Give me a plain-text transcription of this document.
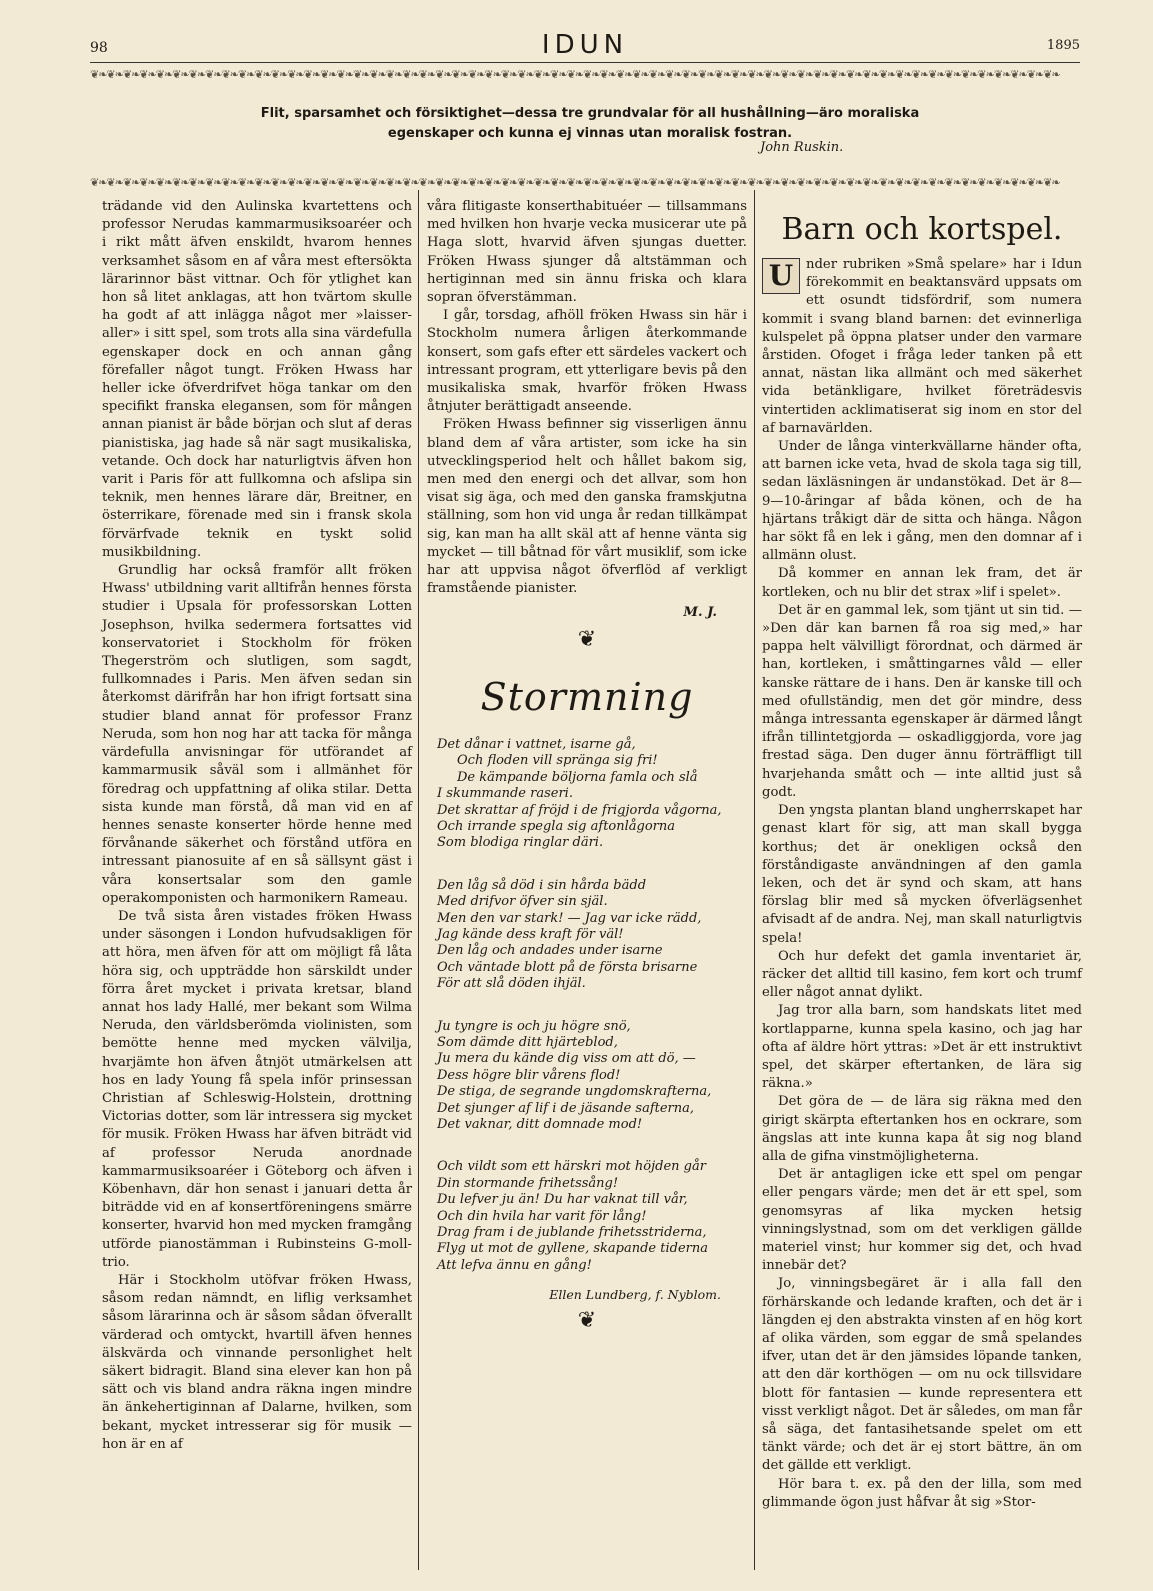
98	IDUN	1895
❦❧❦❧❦❧❦❧❦❧❦❧❦❧❦❧❦❧❦❧❦❧❦❧❦❧❦❧❦❧❦❧❦❧❦❧❦❧❦❧❦❧❦❧❦❧❦❧❦❧❦❧❦❧❦❧❦❧❦❧❦❧❦❧❦❧❦❧❦❧❦❧❦❧❦❧❦❧❦❧❦❧❦❧❦❧❦❧❦❧❦❧❦❧❦❧❦❧❦❧❦❧❦❧❦❧❦❧❦❧❦❧❦❧❦❧❦❧
Flit, sparsamhet och försiktighet—dessa tre grundvalar för all hushållning—äro moraliska egenskaper och kunna ej vinnas utan moralisk fostran.
John Ruskin.
❦❧❦❧❦❧❦❧❦❧❦❧❦❧❦❧❦❧❦❧❦❧❦❧❦❧❦❧❦❧❦❧❦❧❦❧❦❧❦❧❦❧❦❧❦❧❦❧❦❧❦❧❦❧❦❧❦❧❦❧❦❧❦❧❦❧❦❧❦❧❦❧❦❧❦❧❦❧❦❧❦❧❦❧❦❧❦❧❦❧❦❧❦❧❦❧❦❧❦❧❦❧❦❧❦❧❦❧❦❧❦❧❦❧❦❧❦❧

trädande vid den Aulinska kvartettens och professor Nerudas kammarmusiksoaréer och i rikt mått äfven enskildt, hvarom hennes verksamhet såsom en af våra mest eftersökta lärarinnor bäst vittnar. Och för ytlighet kan hon så litet anklagas, att hon tvärtom skulle ha godt af att inlägga något mer »laisser-aller» i sitt spel, som trots alla sina värdefulla egenskaper dock en och annan gång förefaller något tungt. Fröken Hwass har heller icke öfverdrifvet höga tankar om den specifikt franska elegansen, som för mången annan pianist är både början och slut af deras pianistiska, jag hade så när sagt musikaliska, vetande. Och dock har naturligtvis äfven hon varit i Paris för att fullkomna och afslipa sin teknik, men hennes lärare där, Breitner, en österrikare, förenade med sin i fransk skola förvärfvade teknik en tyskt solid musikbildning.

Grundlig har också framför allt fröken Hwass' utbildning varit alltifrån hennes första studier i Upsala för professorskan Lotten Josephson, hvilka sedermera fortsattes vid konservatoriet i Stockholm för fröken Thegerström och slutligen, som sagdt, fullkomnades i Paris. Men äfven sedan sin återkomst därifrån har hon ifrigt fortsatt sina studier bland annat för professor Franz Neruda, som hon nog har att tacka för många värdefulla anvisningar för utförandet af kammarmusik såväl som i allmänhet för föredrag och uppfattning af olika stilar. Detta sista kunde man förstå, då man vid en af hennes senaste konserter hörde henne med förvånande säkerhet och förstånd utföra en intressant pianosuite af en så sällsynt gäst i våra konsertsalar som den gamle operakomponisten och harmonikern Rameau.

De två sista åren vistades fröken Hwass under säsongen i London hufvudsakligen för att höra, men äfven för att om möjligt få låta höra sig, och uppträdde hon särskildt under förra året mycket i privata kretsar, bland annat hos lady Hallé, mer bekant som Wilma Neruda, den världsberömda violinisten, som bemötte henne med mycken välvilja, hvarjämte hon äfven åtnjöt utmärkelsen att hos en lady Young få spela inför prinsessan Christian af Schleswig-Holstein, drottning Victorias dotter, som lär intressera sig mycket för musik. Fröken Hwass har äfven biträdt vid af professor Neruda anordnade kammarmusiksoaréer i Göteborg och äfven i Köbenhavn, där hon senast i januari detta år biträdde vid en af konsertföreningens smärre konserter, hvarvid hon med mycken framgång utförde pianostämman i Rubinsteins G-moll-trio.

Här i Stockholm utöfvar fröken Hwass, såsom redan nämndt, en liflig verksamhet såsom lärarinna och är såsom sådan öfverallt värderad och omtyckt, hvartill äfven hennes älskvärda och vinnande personlighet helt säkert bidragit. Bland sina elever kan hon på sätt och vis bland andra räkna ingen mindre än änkehertiginnan af Dalarne, hvilken, som bekant, mycket intresserar sig för musik — hon är en af

våra flitigaste konserthabituéer — tillsammans med hvilken hon hvarje vecka musicerar ute på Haga slott, hvarvid äfven sjungas duetter. Fröken Hwass sjunger då altstämman och hertiginnan med sin ännu friska och klara sopran öfverstämman.

I går, torsdag, afhöll fröken Hwass sin här i Stockholm numera årligen återkommande konsert, som gafs efter ett särdeles vackert och intressant program, ett ytterligare bevis på den musikaliska smak, hvarför fröken Hwass åtnjuter berättigadt anseende.

Fröken Hwass befinner sig visserligen ännu bland dem af våra artister, som icke ha sin utvecklingsperiod helt och hållet bakom sig, men med den energi och det allvar, som hon visat sig äga, och med den ganska framskjutna ställning, som hon vid unga år redan tillkämpat sig, kan man ha allt skäl att af henne vänta sig mycket — till båtnad för vårt musiklif, som icke har att uppvisa något öfverflöd af verkligt framstående pianister.

M. J.
❦
Stormning
Det dånar i vattnet, isarne gå,
Och floden vill spränga sig fri!
De kämpande böljorna famla och slå
I skummande raseri.
Det skrattar af fröjd i de frigjorda vågorna,
Och irrande spegla sig aftonlågorna
Som blodiga ringlar däri.
Den låg så död i sin hårda bädd
Med drifvor öfver sin själ.
Men den var stark! — Jag var icke rädd,
Jag kände dess kraft för väl!
Den låg och andades under isarne
Och väntade blott på de första brisarne
För att slå döden ihjäl.
Ju tyngre is och ju högre snö,
Som dämde ditt hjärteblod,
Ju mera du kände dig viss om att dö, —
Dess högre blir vårens flod!
De stiga, de segrande ungdomskrafterna,
Det sjunger af lif i de jäsande safterna,
Det vaknar, ditt domnade mod!
Och vildt som ett härskri mot höjden går
Din stormande frihetssång!
Du lefver ju än! Du har vaknat till vår,
Och din hvila har varit för lång!
Drag fram i de jublande frihetsstriderna,
Flyg ut mot de gyllene, skapande tiderna
Att lefva ännu en gång!
Ellen Lundberg, f. Nyblom.
❦
Barn och kortspel.

U nder rubriken »Små spelare» har i Idun förekommit en beaktansvärd uppsats om ett osundt tidsfördrif, som numera kommit i svang bland barnen: det evinnerliga kulspelet på öppna platser under den varmare årstiden. Ofoget i fråga leder tanken på ett annat, nästan lika allmänt och med säkerhet vida betänkligare, hvilket företrädesvis vintertiden acklimatiserat sig inom en stor del af barnavärlden.

Under de långa vinterkvällarne händer ofta, att barnen icke veta, hvad de skola taga sig till, sedan läxläsningen är undanstökad. Det är 8—9—10-åringar af båda könen, och de ha hjärtans tråkigt där de sitta och hänga. Någon har sökt få en lek i gång, men den domnar af i allmänn olust.

Då kommer en annan lek fram, det är kortleken, och nu blir det strax »lif i spelet».

Det är en gammal lek, som tjänt ut sin tid. — »Den där kan barnen få roa sig med,» har pappa helt välvilligt förordnat, och därmed är han, kortleken, i småttingarnes våld — eller kanske rättare de i hans. Den är kanske till och med ofullständig, men det gör mindre, dess många intressanta egenskaper är därmed långt ifrån tillintetgjorda — oskadliggjorda, vore jag frestad säga. Den duger ännu förträffligt till hvarjehanda smått och — inte alltid just så godt.

Den yngsta plantan bland ungherrskapet har genast klart för sig, att man skall bygga korthus; det är onekligen också den förståndigaste användningen af den gamla leken, och det är synd och skam, att hans förslag blir med så mycken öfverlägsenhet afvisadt af de andra. Nej, man skall naturligtvis spela!

Och hur defekt det gamla inventariet är, räcker det alltid till kasino, fem kort och trumf eller något annat dylikt.

Jag tror alla barn, som handskats litet med kortlapparne, kunna spela kasino, och jag har ofta af äldre hört yttras: »Det är ett instruktivt spel, det skärper eftertanken, de lära sig räkna.»

Det göra de — de lära sig räkna med den girigt skärpta eftertanken hos en ockrare, som ängslas att inte kunna kapa åt sig nog bland alla de gifna vinstmöjligheterna.

Det är antagligen icke ett spel om pengar eller pengars värde; men det är ett spel, som genomsyras af lika mycken hetsig vinningslystnad, som om det verkligen gällde materiel vinst; hur kommer sig det, och hvad innebär det?

Jo, vinningsbegäret är i alla fall den förhärskande och ledande kraften, och det är i längden ej den abstrakta vinsten af en hög kort af olika värden, som eggar de små spelandes ifver, utan det är den jämsides löpande tanken, att den där korthögen — om nu ock tillsvidare blott för fantasien — kunde representera ett visst verkligt något. Det är således, om man får så säga, det fantasihetsande spelet om ett tänkt värde; och det är ej stort bättre, än om det gällde ett verkligt.

Hör bara t. ex. på den der lilla, som med glimmande ögon just håfvar åt sig »Stor-
